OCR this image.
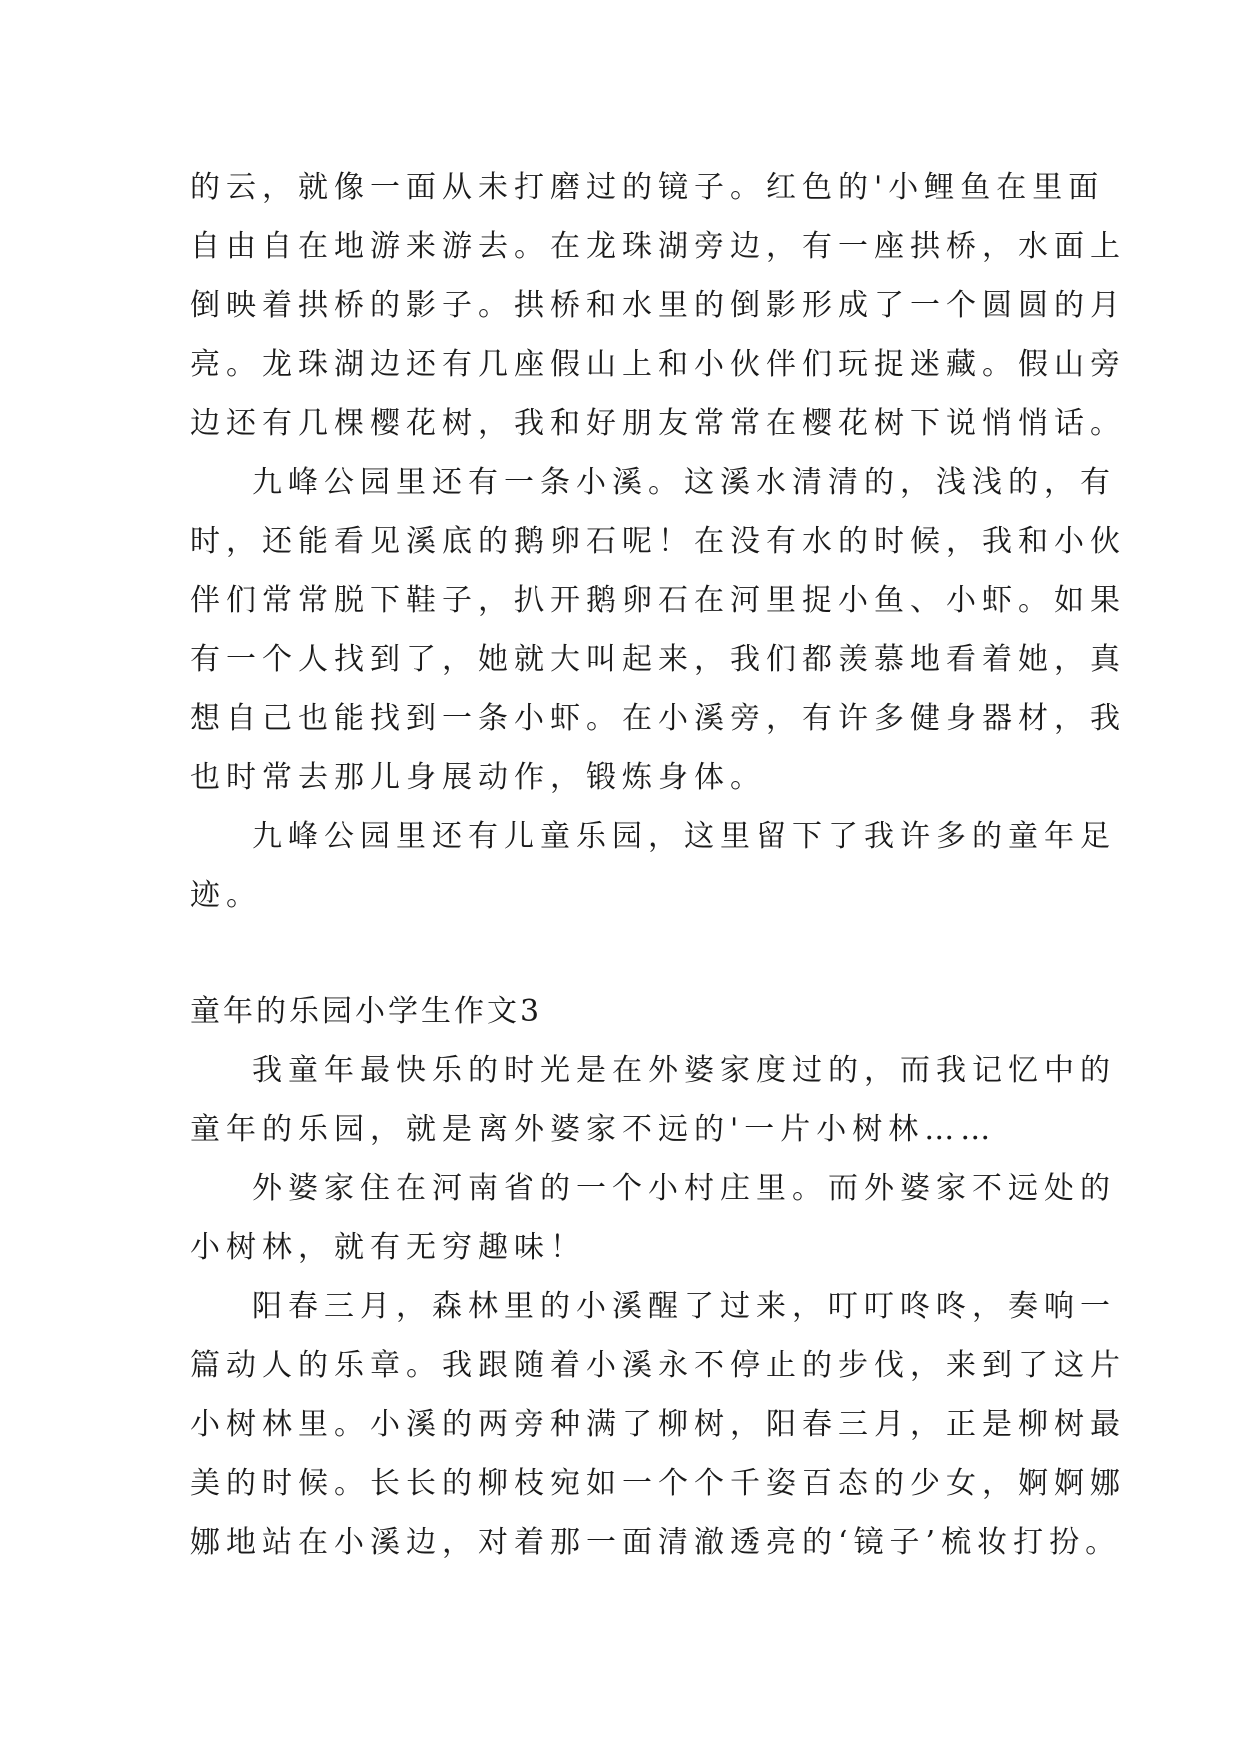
的云，就像一面从未打磨过的镜子。红色的'小鲤鱼在里面
自由自在地游来游去。在龙珠湖旁边，有一座拱桥，水面上
倒映着拱桥的影子。拱桥和水里的倒影形成了一个圆圆的月
亮。龙珠湖边还有几座假山上和小伙伴们玩捉迷藏。假山旁
边还有几棵樱花树，我和好朋友常常在樱花树下说悄悄话。
九峰公园里还有一条小溪。这溪水清清的，浅浅的，有
时，还能看见溪底的鹅卵石呢！在没有水的时候，我和小伙
伴们常常脱下鞋子，扒开鹅卵石在河里捉小鱼、小虾。如果
有一个人找到了，她就大叫起来，我们都羡慕地看着她，真
想自己也能找到一条小虾。在小溪旁，有许多健身器材，我
也时常去那儿身展动作，锻炼身体。
九峰公园里还有儿童乐园，这里留下了我许多的童年足
迹。
童年的乐园小学生作文3
我童年最快乐的时光是在外婆家度过的，而我记忆中的
童年的乐园，就是离外婆家不远的'一片小树林……
外婆家住在河南省的一个小村庄里。而外婆家不远处的
小树林，就有无穷趣味！
阳春三月，森林里的小溪醒了过来，叮叮咚咚，奏响一
篇动人的乐章。我跟随着小溪永不停止的步伐，来到了这片
小树林里。小溪的两旁种满了柳树，阳春三月，正是柳树最
美的时候。长长的柳枝宛如一个个千姿百态的少女，婀婀娜
娜地站在小溪边，对着那一面清澈透亮的‘镜子’梳妆打扮。
